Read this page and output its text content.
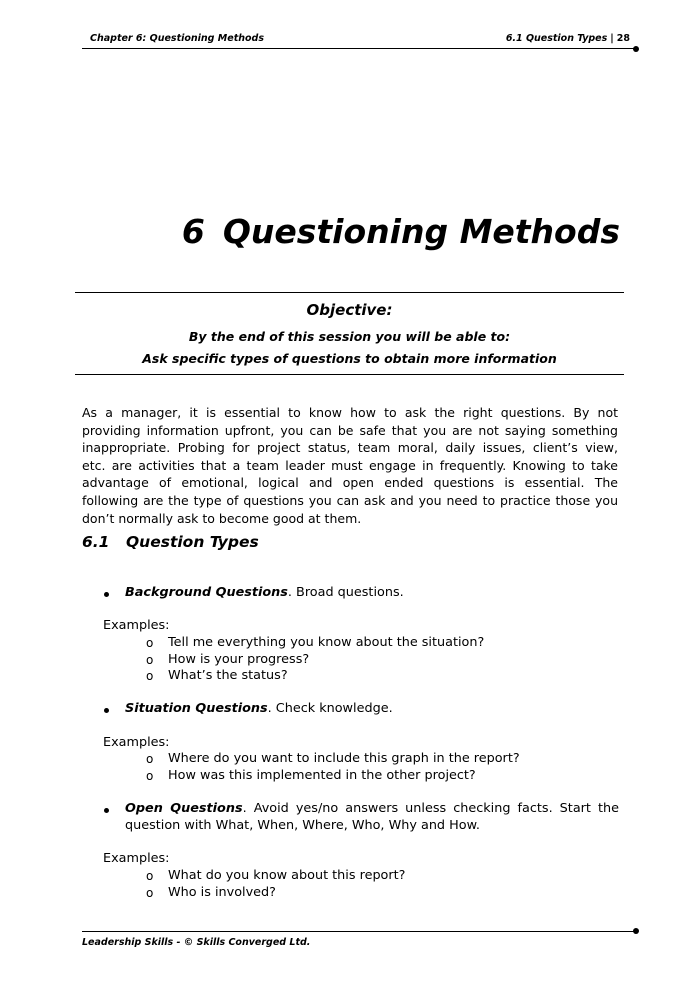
Chapter 6: Questioning Methods	6.1 Question Types | 28
6 Questioning Methods
Objective:
By the end of this session you will be able to:
Ask specific types of questions to obtain more information
As a manager, it is essential to know how to ask the right questions. By not
providing information upfront, you can be safe that you are not saying something
inappropriate. Probing for project status, team moral, daily issues, client’s view,
etc. are activities that a team leader must engage in frequently. Knowing to take
advantage of emotional, logical and open ended questions is essential. The
following are the type of questions you can ask and you need to practice those you
don’t normally ask to become good at them.
6.1 Question Types
Background Questions. Broad questions.
Examples:
o Tell me everything you know about the situation?
o How is your progress?
o What’s the status?
Situation Questions. Check knowledge.
Examples:
o Where do you want to include this graph in the report?
o How was this implemented in the other project?
Open Questions. Avoid yes/no answers unless checking facts. Start the
question with What, When, Where, Who, Why and How.
Examples:
o What do you know about this report?
o Who is involved?
Leadership Skills - © Skills Converged Ltd.
